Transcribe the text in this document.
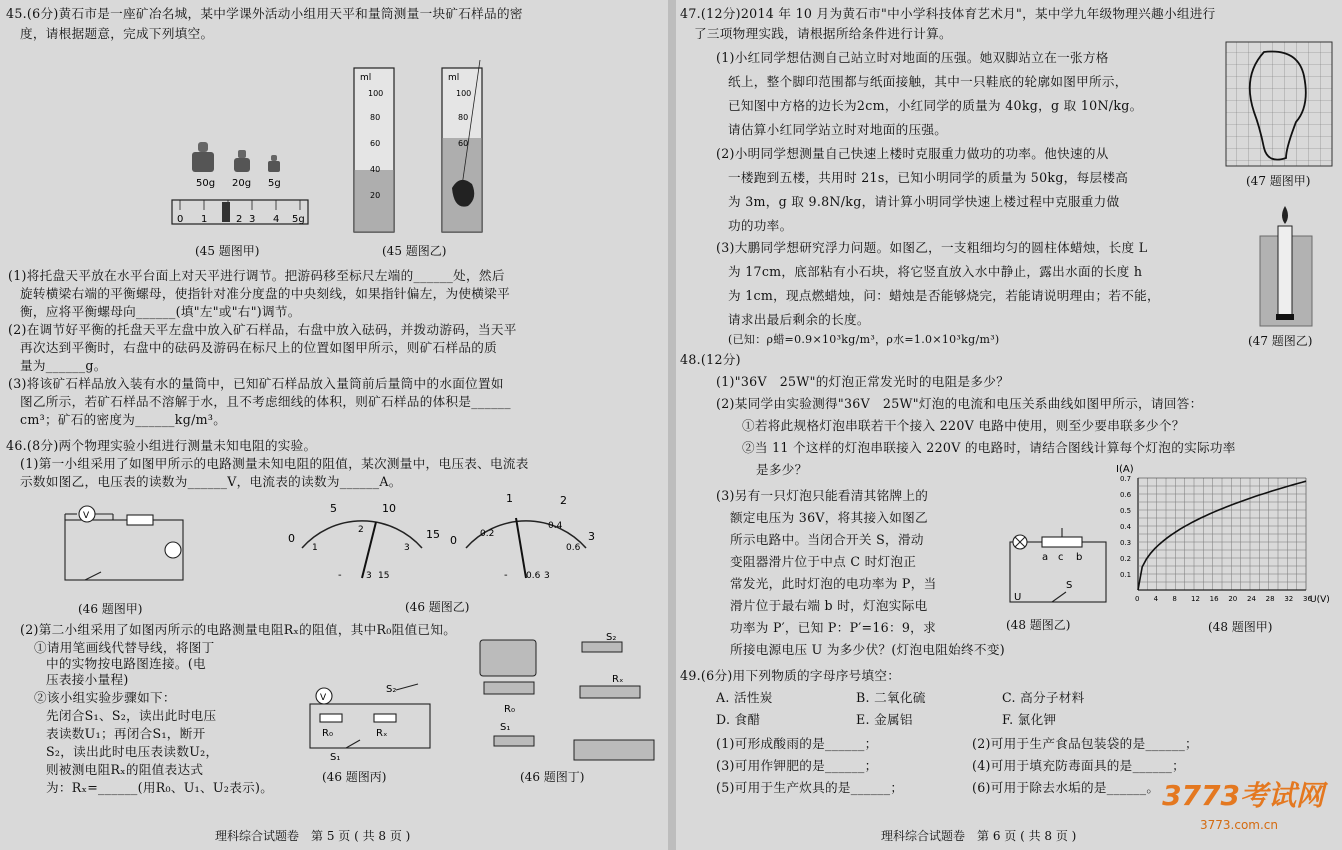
45.(6分)黄石市是一座矿冶名城，某中学课外活动小组用天平和量筒测量一块矿石样品的密
度，请根据题意，完成下列填空。
50g 20g 5g
0 1	2 3 4 5g
ml
100
80
60
40
20
ml
100
80
60
(45 题图甲)	(45 题图乙)
(1)将托盘天平放在水平台面上对天平进行调节。把游码移至标尺左端的______处，然后
旋转横梁右端的平衡螺母，使指针对准分度盘的中央刻线，如果指针偏左，为使横梁平
衡，应将平衡螺母向______(填"左"或"右")调节。
(2)在调节好平衡的托盘天平左盘中放入矿石样品，右盘中放入砝码，并拨动游码，当天平
再次达到平衡时，右盘中的砝码及游码在标尺上的位置如图甲所示，则矿石样品的质
量为______g。
(3)将该矿石样品放入装有水的量筒中，已知矿石样品放入量筒前后量筒中的水面位置如
图乙所示，若矿石样品不溶解于水，且不考虑细线的体积，则矿石样品的体积是______
cm³；矿石的密度为______kg/m³。
46.(8分)两个物理实验小组进行测量未知电阻的实验。
(1)第一小组采用了如图甲所示的电路测量未知电阻的阻值，某次测量中，电压表、电流表
示数如图乙，电压表的读数为______V，电流表的读数为______A。
V
(46 题图甲)
0
5	10
15
1
2
3
-	3 15
0
1	2
3
0.2
0.4
0.6
- 0.6 3
(46 题图乙)
(2)第二小组采用了如图丙所示的电路测量电阻Rₓ的阻值，其中R₀阻值已知。
①请用笔画线代替导线，将图丁
中的实物按电路图连接。(电
压表接小量程)
②该小组实验步骤如下：
先闭合S₁、S₂，读出此时电压
表读数U₁；再闭合S₁，断开
S₂，读出此时电压表读数U₂，
则被测电阻Rₓ的阻值表达式
为：Rₓ=______(用R₀、U₁、U₂表示)。
V
R₀	Rₓ
S₂
S₁
(46 题图丙)
R₀
Rₓ
S₂
S₁
(46 题图丁)
理科综合试题卷　第 5 页 ( 共 8 页 )
47.(12分)2014 年 10 月为黄石市"中小学科技体育艺术月"，某中学九年级物理兴趣小组进行
了三项物理实践，请根据所给条件进行计算。
(1)小红同学想估测自己站立时对地面的压强。她双脚站立在一张方格
纸上，整个脚印范围都与纸面接触，其中一只鞋底的轮廓如图甲所示，
已知图中方格的边长为2cm，小红同学的质量为 40kg，g 取 10N/kg。
请估算小红同学站立时对地面的压强。
(2)小明同学想测量自己快速上楼时克服重力做功的功率。他快速的从
一楼跑到五楼，共用时 21s，已知小明同学的质量为 50kg，每层楼高
为 3m，g 取 9.8N/kg，请计算小明同学快速上楼过程中克服重力做
功的功率。
(3)大鹏同学想研究浮力问题。如图乙，一支粗细均匀的圆柱体蜡烛，长度 L
为 17cm，底部粘有小石块，将它竖直放入水中静止，露出水面的长度 h
为 1cm，现点燃蜡烛，问：蜡烛是否能够烧完，若能请说明理由；若不能，
请求出最后剩余的长度。
(已知：ρ蜡=0.9×10³kg/m³，ρ水=1.0×10³kg/m³)
(47 题图甲)
(47 题图乙)
48.(12分)
(1)"36V　25W"的灯泡正常发光时的电阻是多少？
(2)某同学由实验测得"36V　25W"灯泡的电流和电压关系曲线如图甲所示，请回答：
①若将此规格灯泡串联若干个接入 220V 电路中使用，则至少要串联多少个？
②当 11 个这样的灯泡串联接入 220V 的电路时，请结合图线计算每个灯泡的实际功率
是多少？
(3)另有一只灯泡只能看清其铭牌上的
额定电压为 36V，将其接入如图乙
所示电路中。当闭合开关 S，滑动
变阻器滑片位于中点 C 时灯泡正
常发光，此时灯泡的电功率为 P，当
滑片位于最右端 b 时，灯泡实际电
功率为 P′，已知 P：P′=16：9，求
所接电源电压 U 为多少伏？(灯泡电阻始终不变)
a c b
S
U
(48 题图乙)
I(A)
U(V)
0 4 8 12 16 20 24 28 32 36
0.7
0.6
0.5
0.4
0.3
0.2
0.1
(48 题图甲)
49.(6分)用下列物质的字母序号填空：
A. 活性炭	B. 二氧化硫	C. 高分子材料
D. 食醋	E. 金属铝	F. 氯化钾
(1)可形成酸雨的是______；	(2)可用于生产食品包装袋的是______；
(3)可用作钾肥的是______；	(4)可用于填充防毒面具的是______；
(5)可用于生产炊具的是______；	(6)可用于除去水垢的是______。
理科综合试题卷　第 6 页 ( 共 8 页 )
3773考试网
3773.com.cn
